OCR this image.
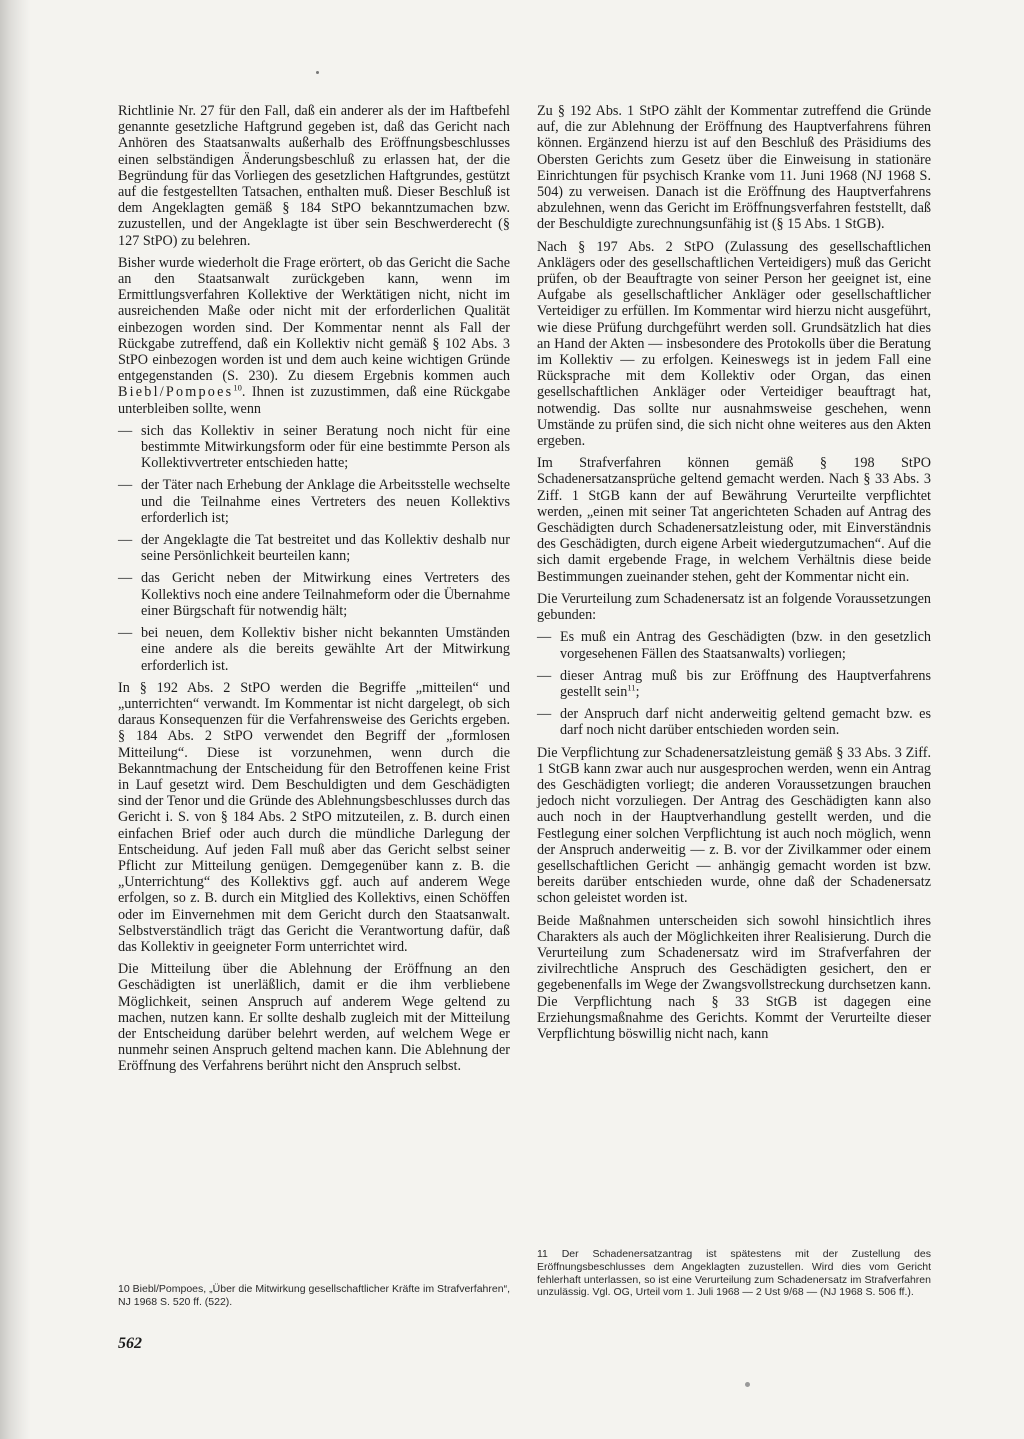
Richtlinie Nr. 27 für den Fall, daß ein anderer als der im Haftbefehl genannte gesetzliche Haftgrund gegeben ist, daß das Gericht nach Anhören des Staatsanwalts außerhalb des Eröffnungsbeschlusses einen selbständigen Änderungsbeschluß zu erlassen hat, der die Begründung für das Vorliegen des gesetzlichen Haftgrundes, gestützt auf die festgestellten Tatsachen, enthalten muß. Dieser Beschluß ist dem Angeklagten gemäß § 184 StPO bekanntzumachen bzw. zuzustellen, und der Angeklagte ist über sein Beschwerderecht (§ 127 StPO) zu belehren.

Bisher wurde wiederholt die Frage erörtert, ob das Gericht die Sache an den Staatsanwalt zurückgeben kann, wenn im Ermittlungsverfahren Kollektive der Werktätigen nicht, nicht im ausreichenden Maße oder nicht mit der erforderlichen Qualität einbezogen worden sind. Der Kommentar nennt als Fall der Rückgabe zutreffend, daß ein Kollektiv nicht gemäß § 102 Abs. 3 StPO einbezogen worden ist und dem auch keine wichtigen Gründe entgegenstanden (S. 230). Zu diesem Ergebnis kommen auch Biebl/Pompoes$^{10}$. Ihnen ist zuzustimmen, daß eine Rückgabe unterbleiben sollte, wenn

— sich das Kollektiv in seiner Beratung noch nicht für eine bestimmte Mitwirkungsform oder für eine bestimmte Person als Kollektivvertreter entschieden hatte;
— der Täter nach Erhebung der Anklage die Arbeitsstelle wechselte und die Teilnahme eines Vertreters des neuen Kollektivs erforderlich ist;
— der Angeklagte die Tat bestreitet und das Kollektiv deshalb nur seine Persönlichkeit beurteilen kann;
— das Gericht neben der Mitwirkung eines Vertreters des Kollektivs noch eine andere Teilnahmeform oder die Übernahme einer Bürgschaft für notwendig hält;
— bei neuen, dem Kollektiv bisher nicht bekannten Umständen eine andere als die bereits gewählte Art der Mitwirkung erforderlich ist.

In § 192 Abs. 2 StPO werden die Begriffe „mitteilen“ und „unterrichten“ verwandt. Im Kommentar ist nicht dargelegt, ob sich daraus Konsequenzen für die Verfahrensweise des Gerichts ergeben. § 184 Abs. 2 StPO verwendet den Begriff der „formlosen Mitteilung“. Diese ist vorzunehmen, wenn durch die Bekanntmachung der Entscheidung für den Betroffenen keine Frist in Lauf gesetzt wird. Dem Beschuldigten und dem Geschädigten sind der Tenor und die Gründe des Ablehnungsbeschlusses durch das Gericht i. S. von § 184 Abs. 2 StPO mitzuteilen, z. B. durch einen einfachen Brief oder auch durch die mündliche Darlegung der Entscheidung. Auf jeden Fall muß aber das Gericht selbst seiner Pflicht zur Mitteilung genügen. Demgegenüber kann z. B. die „Unterrichtung“ des Kollektivs ggf. auch auf anderem Wege erfolgen, so z. B. durch ein Mitglied des Kollektivs, einen Schöffen oder im Einvernehmen mit dem Gericht durch den Staatsanwalt. Selbstverständlich trägt das Gericht die Verantwortung dafür, daß das Kollektiv in geeigneter Form unterrichtet wird.

Die Mitteilung über die Ablehnung der Eröffnung an den Geschädigten ist unerläßlich, damit er die ihm verbliebene Möglichkeit, seinen Anspruch auf anderem Wege geltend zu machen, nutzen kann. Er sollte deshalb zugleich mit der Mitteilung der Entscheidung darüber belehrt werden, auf welchem Wege er nunmehr seinen Anspruch geltend machen kann. Die Ablehnung der Eröffnung des Verfahrens berührt nicht den Anspruch selbst.

Zu § 192 Abs. 1 StPO zählt der Kommentar zutreffend die Gründe auf, die zur Ablehnung der Eröffnung des Hauptverfahrens führen können. Ergänzend hierzu ist auf den Beschluß des Präsidiums des Obersten Gerichts zum Gesetz über die Einweisung in stationäre Einrichtungen für psychisch Kranke vom 11. Juni 1968 (NJ 1968 S. 504) zu verweisen. Danach ist die Eröffnung des Hauptverfahrens abzulehnen, wenn das Gericht im Eröffnungsverfahren feststellt, daß der Beschuldigte zurechnungsunfähig ist (§ 15 Abs. 1 StGB).

Nach § 197 Abs. 2 StPO (Zulassung des gesellschaftlichen Anklägers oder des gesellschaftlichen Verteidigers) muß das Gericht prüfen, ob der Beauftragte von seiner Person her geeignet ist, eine Aufgabe als gesellschaftlicher Ankläger oder gesellschaftlicher Verteidiger zu erfüllen. Im Kommentar wird hierzu nicht ausgeführt, wie diese Prüfung durchgeführt werden soll. Grundsätzlich hat dies an Hand der Akten — insbesondere des Protokolls über die Beratung im Kollektiv — zu erfolgen. Keineswegs ist in jedem Fall eine Rücksprache mit dem Kollektiv oder Organ, das einen gesellschaftlichen Ankläger oder Verteidiger beauftragt hat, notwendig. Das sollte nur ausnahmsweise geschehen, wenn Umstände zu prüfen sind, die sich nicht ohne weiteres aus den Akten ergeben.

Im Strafverfahren können gemäß § 198 StPO Schadenersatzansprüche geltend gemacht werden. Nach § 33 Abs. 3 Ziff. 1 StGB kann der auf Bewährung Verurteilte verpflichtet werden, „einen mit seiner Tat angerichteten Schaden auf Antrag des Geschädigten durch Schadenersatzleistung oder, mit Einverständnis des Geschädigten, durch eigene Arbeit wiedergutzumachen“. Auf die sich damit ergebende Frage, in welchem Verhältnis diese beide Bestimmungen zueinander stehen, geht der Kommentar nicht ein.

Die Verurteilung zum Schadenersatz ist an folgende Voraussetzungen gebunden:

— Es muß ein Antrag des Geschädigten (bzw. in den gesetzlich vorgesehenen Fällen des Staatsanwalts) vorliegen;
— dieser Antrag muß bis zur Eröffnung des Hauptverfahrens gestellt sein$^{11}$;
— der Anspruch darf nicht anderweitig geltend gemacht bzw. es darf noch nicht darüber entschieden worden sein.

Die Verpflichtung zur Schadenersatzleistung gemäß § 33 Abs. 3 Ziff. 1 StGB kann zwar auch nur ausgesprochen werden, wenn ein Antrag des Geschädigten vorliegt; die anderen Voraussetzungen brauchen jedoch nicht vorzuliegen. Der Antrag des Geschädigten kann also auch noch in der Hauptverhandlung gestellt werden, und die Festlegung einer solchen Verpflichtung ist auch noch möglich, wenn der Anspruch anderweitig — z. B. vor der Zivilkammer oder einem gesellschaftlichen Gericht — anhängig gemacht worden ist bzw. bereits darüber entschieden wurde, ohne daß der Schadenersatz schon geleistet worden ist.

Beide Maßnahmen unterscheiden sich sowohl hinsichtlich ihres Charakters als auch der Möglichkeiten ihrer Realisierung. Durch die Verurteilung zum Schadenersatz wird im Strafverfahren der zivilrechtliche Anspruch des Geschädigten gesichert, den er gegebenenfalls im Wege der Zwangsvollstreckung durchsetzen kann. Die Verpflichtung nach § 33 StGB ist dagegen eine Erziehungsmaßnahme des Gerichts. Kommt der Verurteilte dieser Verpflichtung böswillig nicht nach, kann

10 Biebl/Pompoes, „Über die Mitwirkung gesellschaftlicher Kräfte im Strafverfahren“, NJ 1968 S. 520 ff. (522).
11 Der Schadenersatzantrag ist spätestens mit der Zustellung des Eröffnungsbeschlusses dem Angeklagten zuzustellen. Wird dies vom Gericht fehlerhaft unterlassen, so ist eine Verurteilung zum Schadenersatz im Strafverfahren unzulässig. Vgl. OG, Urteil vom 1. Juli 1968 — 2 Ust 9/68 — (NJ 1968 S. 506 ff.).
562
